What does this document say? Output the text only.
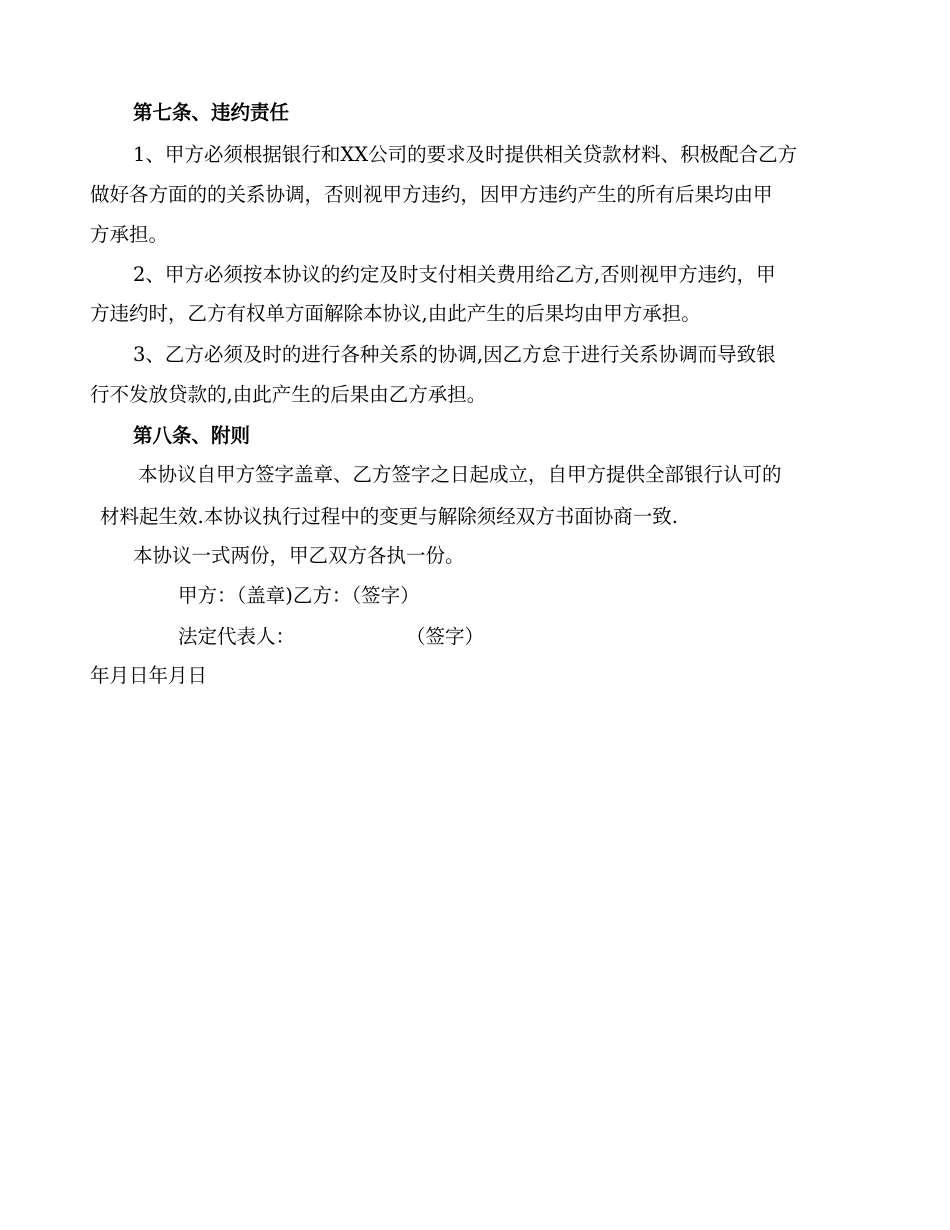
第七条、违约责任
1、甲方必须根据银行和XX公司的要求及时提供相关贷款材料、积极配合乙方
做好各方面的的关系协调，否则视甲方违约，因甲方违约产生的所有后果均由甲
方承担。
2、甲方必须按本协议的约定及时支付相关费用给乙方,否则视甲方违约，甲
方违约时，乙方有权单方面解除本协议,由此产生的后果均由甲方承担。
3、乙方必须及时的进行各种关系的协调,因乙方怠于进行关系协调而导致银
行不发放贷款的,由此产生的后果由乙方承担。
第八条、附则
本协议自甲方签字盖章、乙方签字之日起成立，自甲方提供全部银行认可的
材料起生效.本协议执行过程中的变更与解除须经双方书面协商一致.
本协议一式两份，甲乙双方各执一份。
甲方：（盖章)乙方：（签字）
法定代表人：	（签字）
年月日年月日
